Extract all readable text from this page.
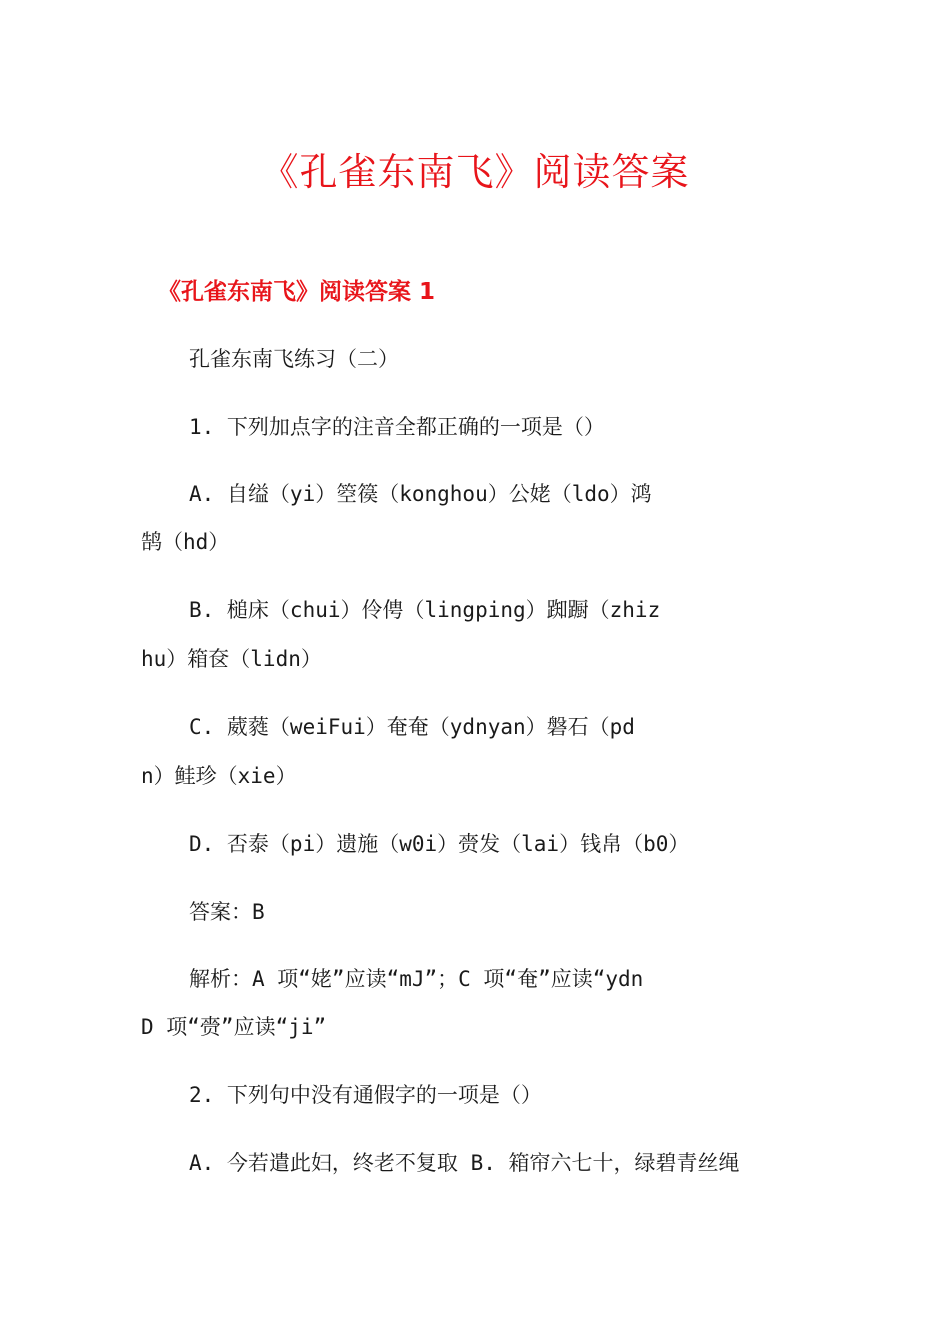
《孔雀东南飞》阅读答案
《孔雀东南飞》阅读答案 1
孔雀东南飞练习（二）
1. 下列加点字的注音全都正确的一项是（）
A. 自缢（yi）箜篌（konghou）公姥（ldo）鸿
鹄（hd）
B. 槌床（chui）伶俜（lingping）踟蹰（zhiz
hu）箱奁（lidn）
C. 葳蕤（weiFui）奄奄（ydnyan）磐石（pd
n）鲑珍（xie）
D. 否泰（pi）遗施（w0i）赍发（lai）钱帛（b0）
答案：B
解析：A 项“姥”应读“mJ”；C 项“奄”应读“ydn
D 项“赍”应读“ji”
2. 下列句中没有通假字的一项是（）
A. 今若遣此妇，终老不复取 B. 箱帘六七十，绿碧青丝绳
